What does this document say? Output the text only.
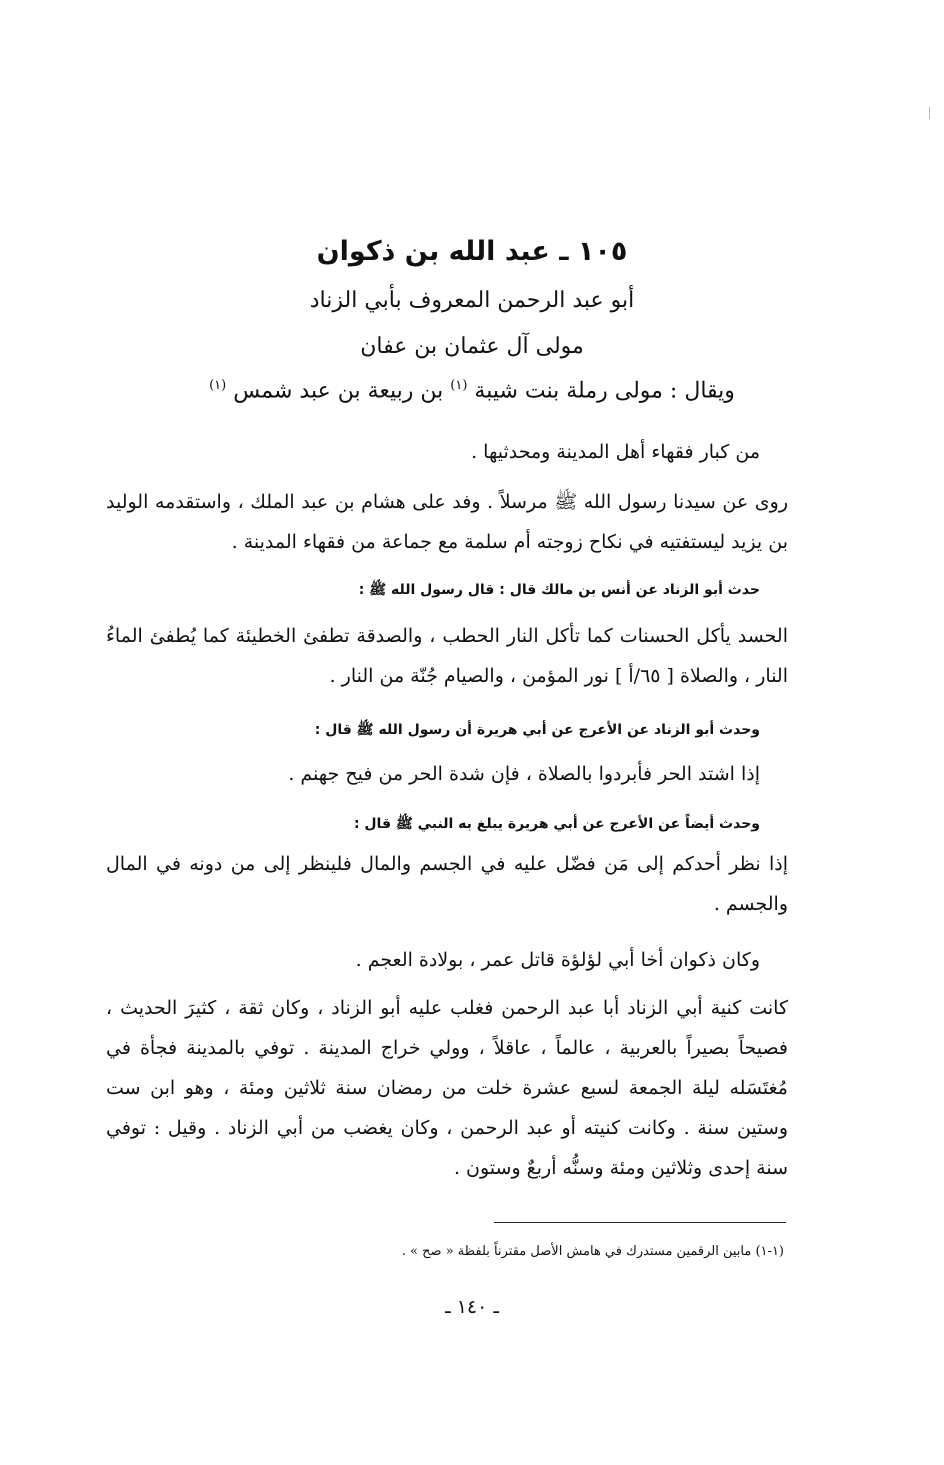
١٠٥ ـ عبد الله بن ذكوان
أبو عبد الرحمن المعروف بأبي الزناد
مولى آل عثمان بن عفان
ويقال : مولى رملة بنت شيبة $^{(١)}$ بن ربيعة بن عبد شمس $^{(١)}$
من كبار فقهاء أهل المدينة ومحدثيها .
روى عن سيدنا رسول الله ﷺ مرسلاً . وفد على هشام بن عبد الملك ، واستقدمه الوليد بن يزيد ليستفتيه في نكاح زوجته أم سلمة مع جماعة من فقهاء المدينة .
حدث أبو الزناد عن أنس بن مالك قال : قال رسول الله ﷺ :
الحسد يأكل الحسنات كما تأكل النار الحطب ، والصدقة تطفئ الخطيئة كما يُطفئ الماءُ النار ، والصلاة [ ٦٥/أ ] نور المؤمن ، والصيام جُنّة من النار .
وحدث أبو الزناد عن الأعرج عن أبي هريرة أن رسول الله ﷺ قال :
إذا اشتد الحر فأبردوا بالصلاة ، فإن شدة الحر من فيح جهنم .
وحدث أيضاً عن الأعرج عن أبي هريرة يبلغ به النبي ﷺ قال :
إذا نظر أحدكم إلى مَن فضّل عليه في الجسم والمال فلينظر إلى من دونه في المال والجسم .
وكان ذكوان أخا أبي لؤلؤة قاتل عمر ، بولادة العجم .
كانت كنية أبي الزناد أبا عبد الرحمن فغلب عليه أبو الزناد ، وكان ثقة ، كثيرَ الحديث ، فصيحاً بصيراً بالعربية ، عالماً ، عاقلاً ، وولي خراج المدينة . توفي بالمدينة فجأة في مُغتَسَله ليلة الجمعة لسبع عشرة خلت من رمضان سنة ثلاثين ومئة ، وهو ابن ست وستين سنة . وكانت كنيته أو عبد الرحمن ، وكان يغضب من أبي الزناد . وقيل : توفي سنة إحدى وثلاثين ومئة وسنُّه أربعٌ وستون .
(١-١) مابين الرقمين مستدرك في هامش الأصل مقترناً بلفظة « صح » .
ـ ١٤٠ ـ
